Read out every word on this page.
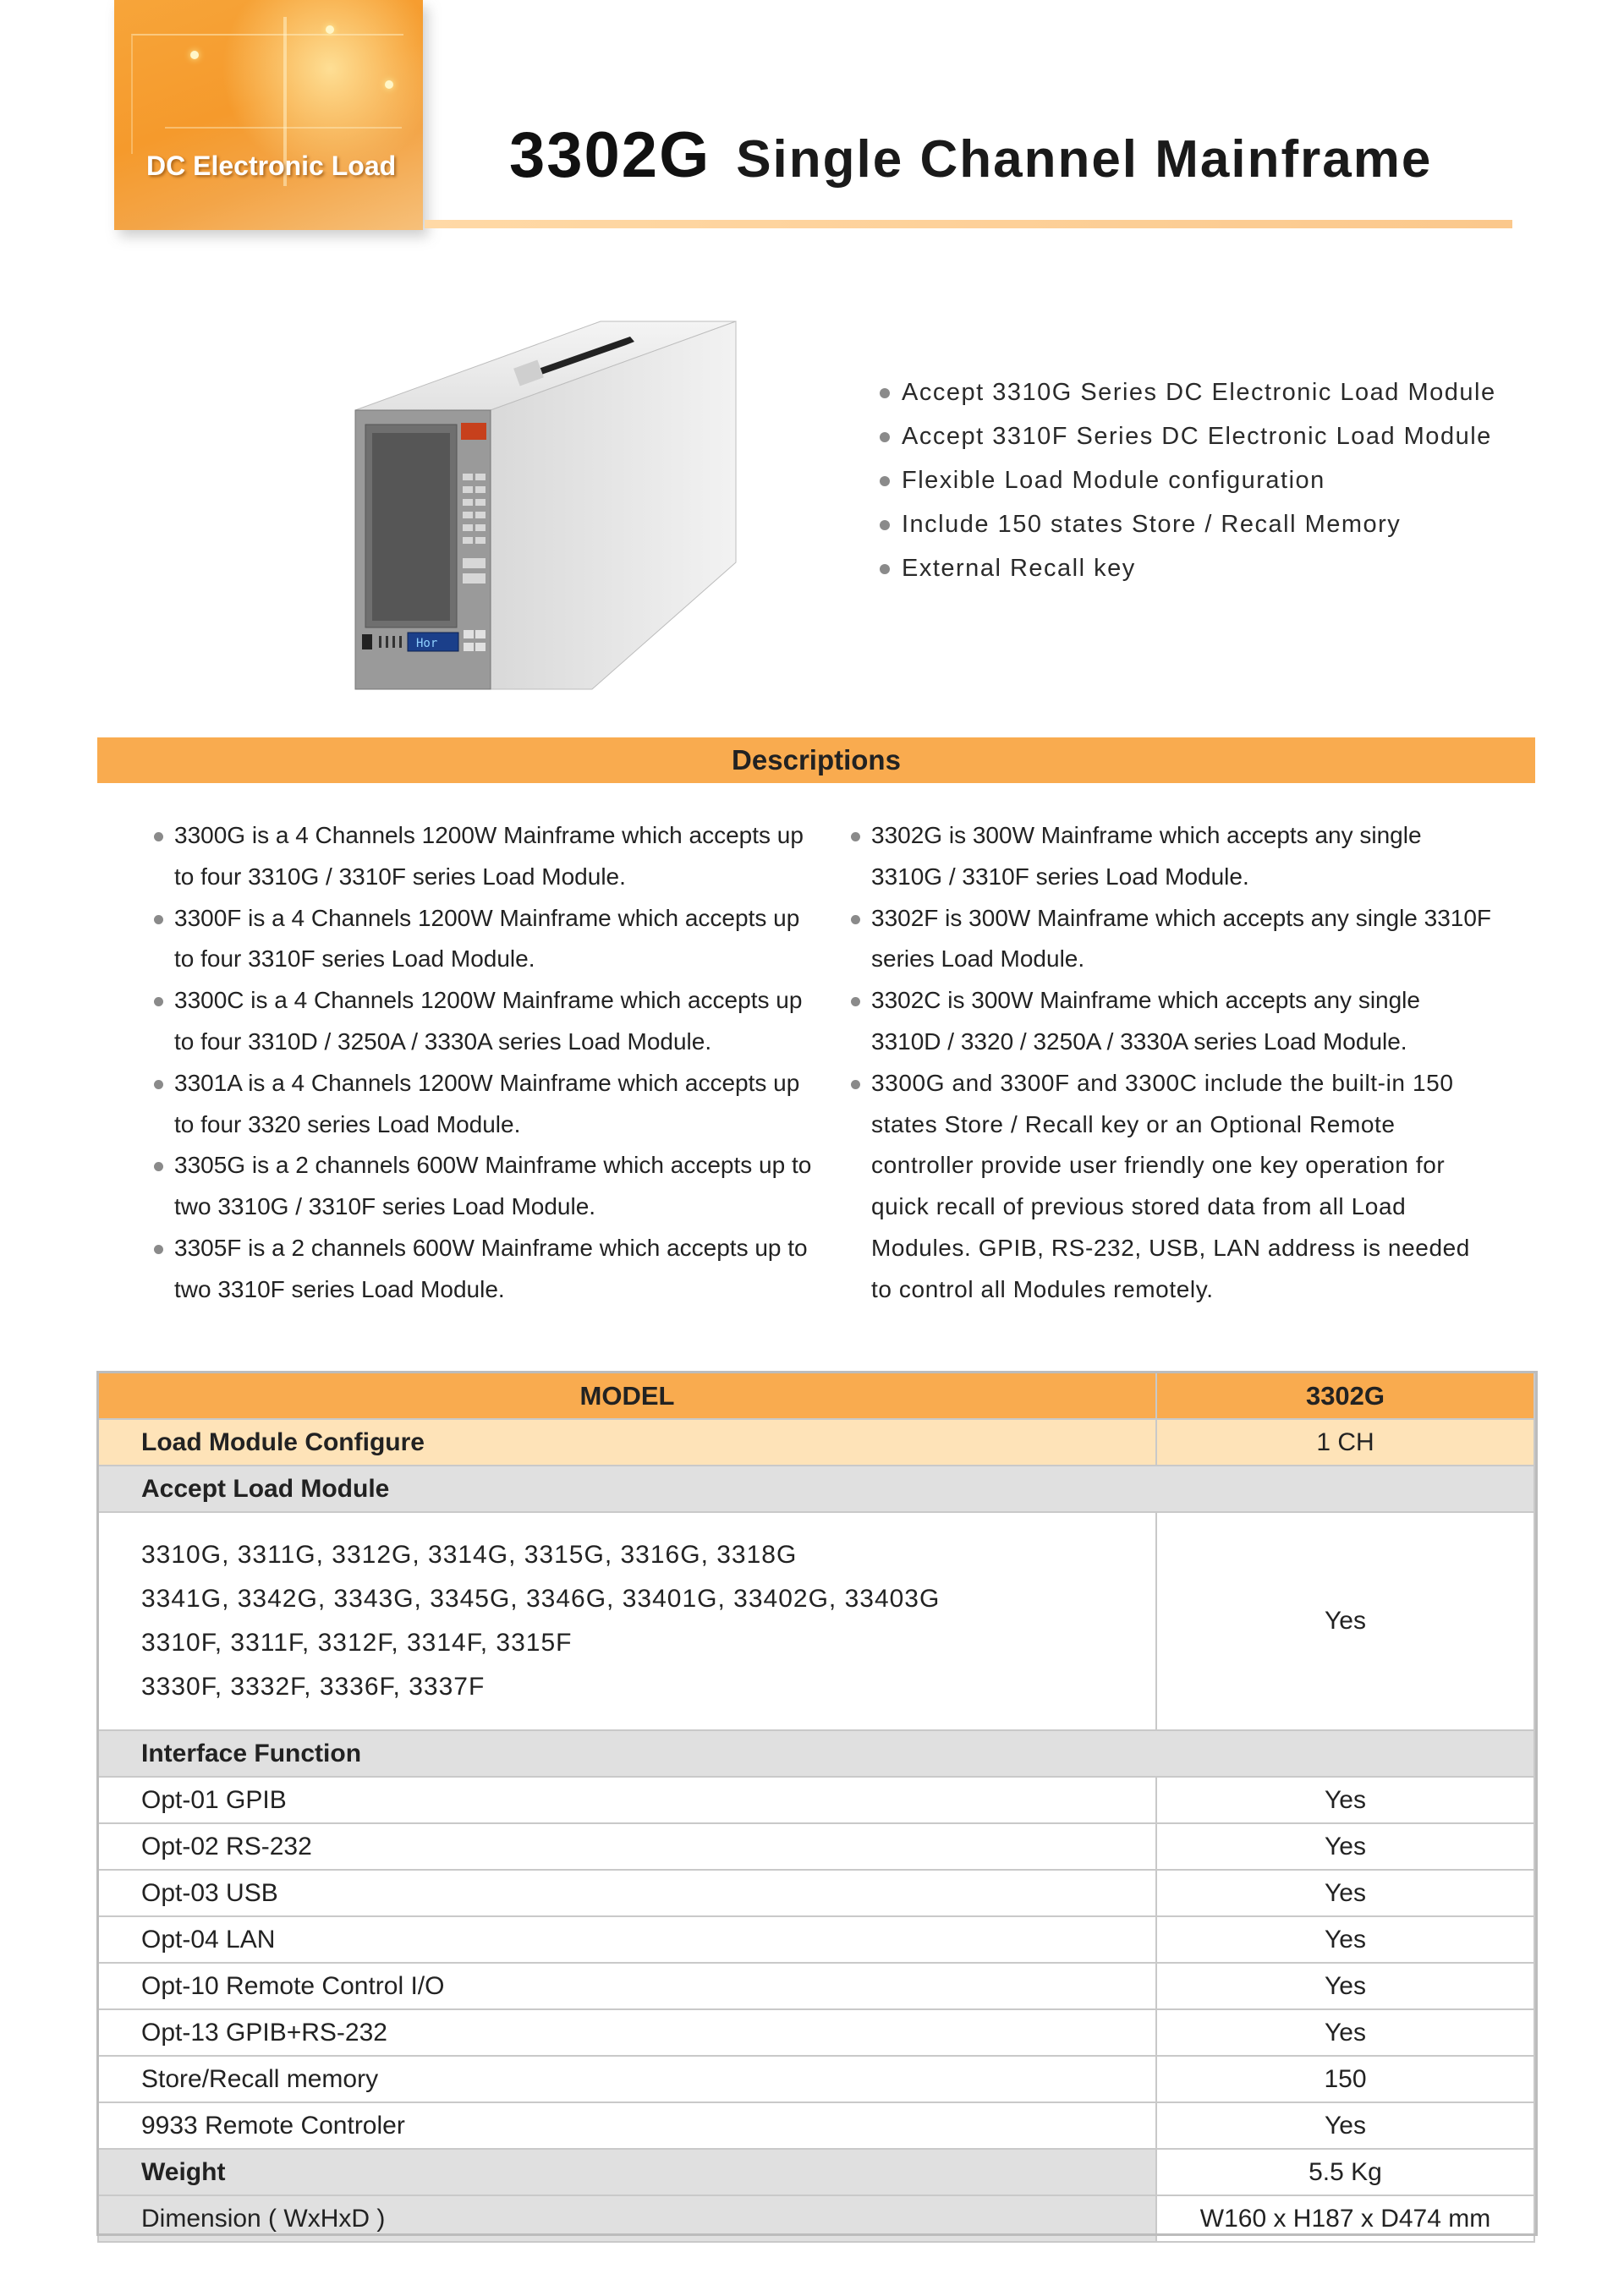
DC Electronic Load 3302G Single Channel Mainframe
Hor
Accept 3310G Series DC Electronic Load Module
Accept 3310F Series DC Electronic Load Module
Flexible Load Module configuration
Include 150 states Store / Recall Memory
External Recall key
Descriptions
3300G is a 4 Channels 1200W Mainframe which accepts up to four 3310G / 3310F series Load Module.
3300F is a 4 Channels 1200W Mainframe which accepts up to four 3310F series Load Module.
3300C is a 4 Channels 1200W Mainframe which accepts up to four 3310D / 3250A / 3330A series Load Module.
3301A is a 4 Channels 1200W Mainframe which accepts up to four 3320 series Load Module.
3305G is a 2 channels 600W Mainframe which accepts up to two 3310G / 3310F series Load Module.
3305F is a 2 channels 600W Mainframe which accepts up to two 3310F series Load Module.
3302G is 300W Mainframe which accepts any single 3310G / 3310F series Load Module.
3302F is 300W Mainframe which accepts any single 3310F series Load Module.
3302C is 300W Mainframe which accepts any single 3310D / 3320 / 3250A / 3330A series Load Module.
3300G and 3300F and 3300C include the built-in 150 states Store / Recall key or an Optional Remote controller provide user friendly one key operation for quick recall of previous stored data from all Load Modules. GPIB, RS-232, USB, LAN address is needed to control all Modules remotely.
MODEL	3302G
Load Module Configure	1 CH
Accept Load Module	

3310G, 3311G, 3312G, 3314G, 3315G, 3316G, 3318G
3341G, 3342G, 3343G, 3345G, 3346G, 33401G, 33402G, 33403G
3310F, 3311F, 3312F, 3314F, 3315F
3330F, 3332F, 3336F, 3337F	Yes
Interface Function	
Opt-01 GPIB	Yes
Opt-02 RS-232	Yes
Opt-03 USB	Yes
Opt-04 LAN	Yes
Opt-10 Remote Control I/O	Yes
Opt-13 GPIB+RS-232	Yes
Store/Recall memory	150
9933 Remote Controler	Yes
Weight	5.5 Kg
Dimension ( WxHxD )	W160 x H187 x D474 mm
